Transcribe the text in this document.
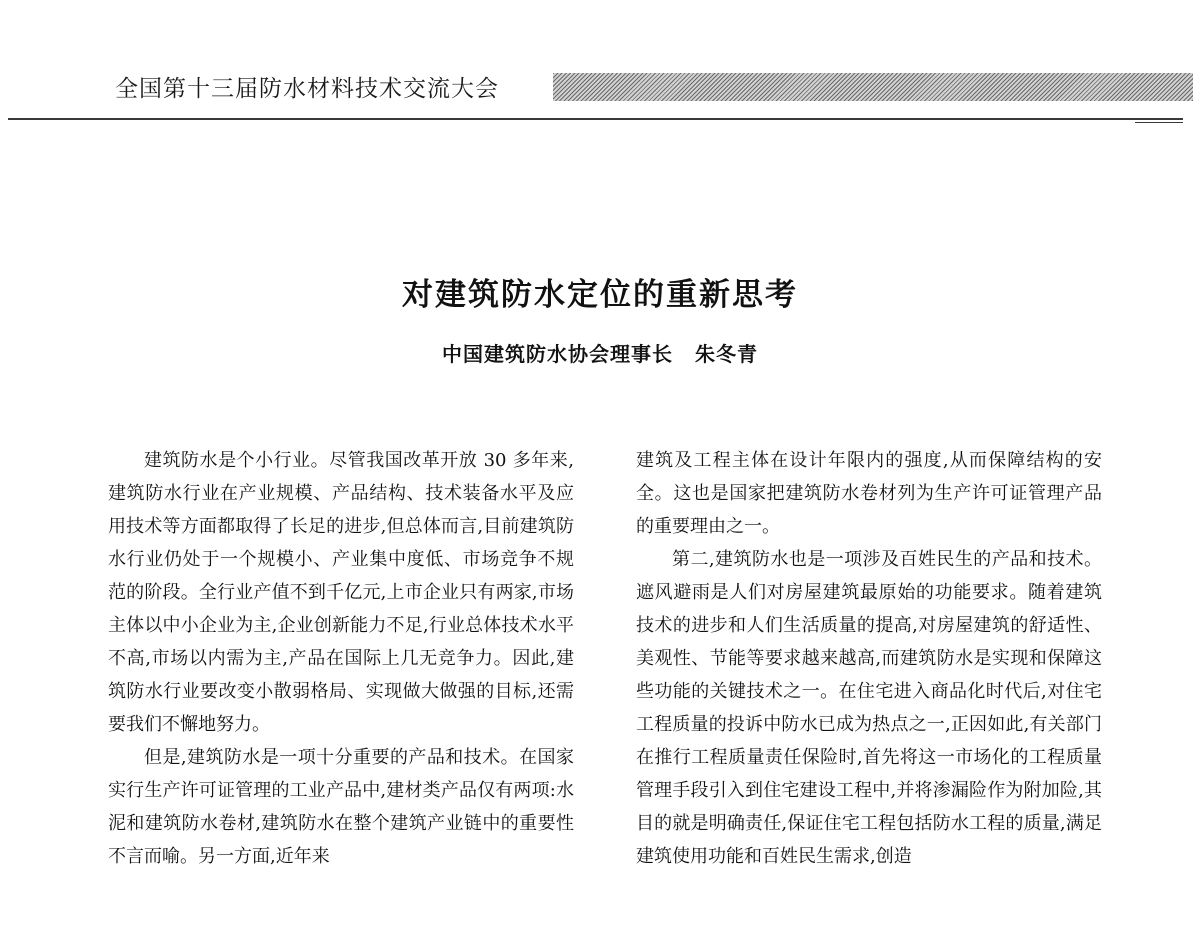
全国第十三届防水材料技术交流大会
对建筑防水定位的重新思考
中国建筑防水协会理事长 朱冬青

建筑防水是个小行业。尽管我国改革开放 30 多年来,建筑防水行业在产业规模、产品结构、技术装备水平及应用技术等方面都取得了长足的进步,但总体而言,目前建筑防水行业仍处于一个规模小、产业集中度低、市场竞争不规范的阶段。全行业产值不到千亿元,上市企业只有两家,市场主体以中小企业为主,企业创新能力不足,行业总体技术水平不高,市场以内需为主,产品在国际上几无竞争力。因此,建筑防水行业要改变小散弱格局、实现做大做强的目标,还需要我们不懈地努力。

但是,建筑防水是一项十分重要的产品和技术。在国家实行生产许可证管理的工业产品中,建材类产品仅有两项:水泥和建筑防水卷材,建筑防水在整个建筑产业链中的重要性不言而喻。另一方面,近年来

建筑及工程主体在设计年限内的强度,从而保障结构的安全。这也是国家把建筑防水卷材列为生产许可证管理产品的重要理由之一。

第二,建筑防水也是一项涉及百姓民生的产品和技术。遮风避雨是人们对房屋建筑最原始的功能要求。随着建筑技术的进步和人们生活质量的提高,对房屋建筑的舒适性、美观性、节能等要求越来越高,而建筑防水是实现和保障这些功能的关键技术之一。在住宅进入商品化时代后,对住宅工程质量的投诉中防水已成为热点之一,正因如此,有关部门在推行工程质量责任保险时,首先将这一市场化的工程质量管理手段引入到住宅建设工程中,并将渗漏险作为附加险,其目的就是明确责任,保证住宅工程包括防水工程的质量,满足建筑使用功能和百姓民生需求,创造
